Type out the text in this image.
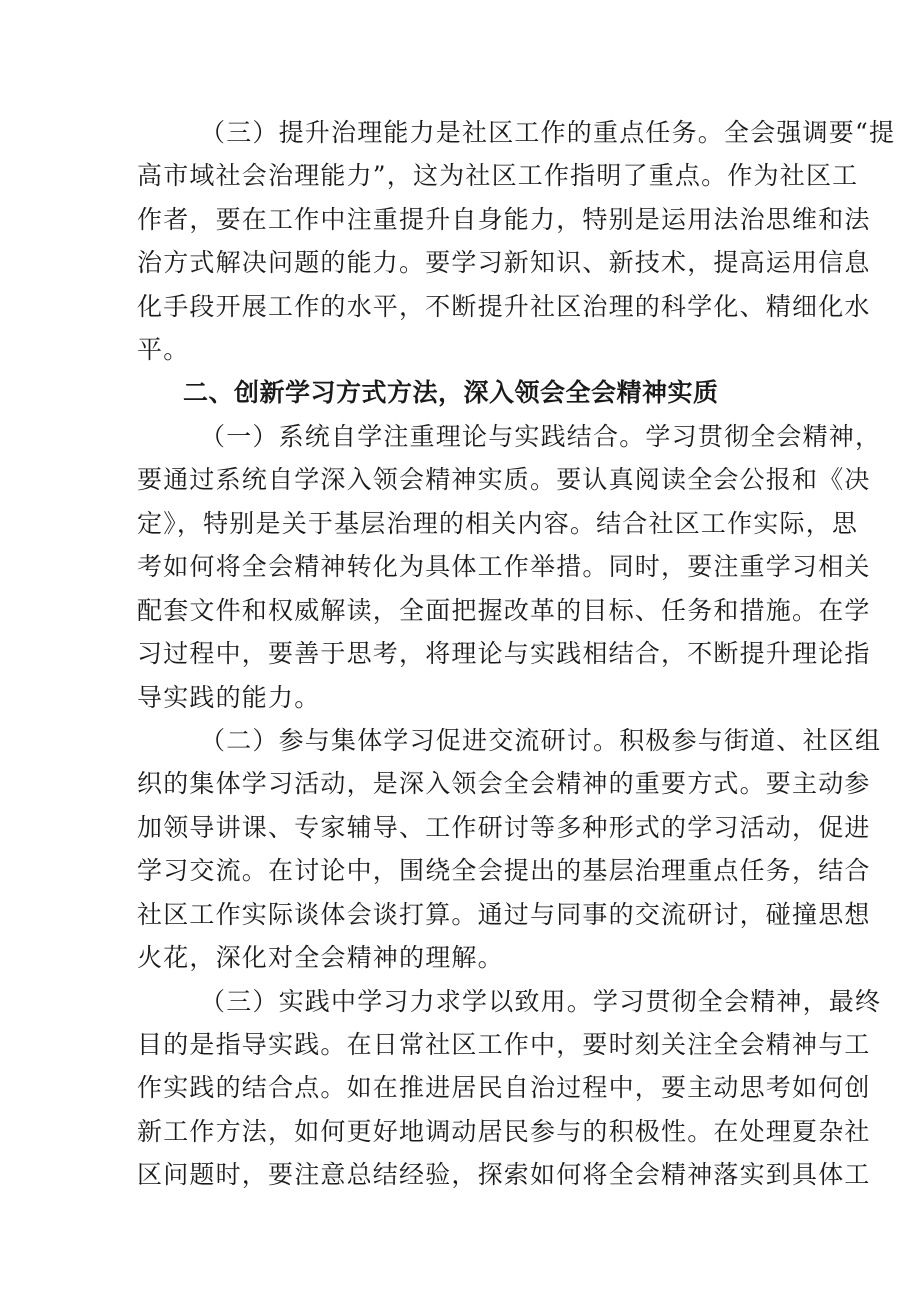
（三）提升治理能力是社区工作的重点任务。全会强调要“提
高市域社会治理能力”，这为社区工作指明了重点。作为社区工
作者，要在工作中注重提升自身能力，特别是运用法治思维和法
治方式解决问题的能力。要学习新知识、新技术，提高运用信息
化手段开展工作的水平，不断提升社区治理的科学化、精细化水
平。
二、创新学习方式方法，深入领会全会精神实质
（一）系统自学注重理论与实践结合。学习贯彻全会精神，
要通过系统自学深入领会精神实质。要认真阅读全会公报和《决
定》，特别是关于基层治理的相关内容。结合社区工作实际，思
考如何将全会精神转化为具体工作举措。同时，要注重学习相关
配套文件和权威解读，全面把握改革的目标、任务和措施。在学
习过程中，要善于思考，将理论与实践相结合，不断提升理论指
导实践的能力。
（二）参与集体学习促进交流研讨。积极参与街道、社区组
织的集体学习活动，是深入领会全会精神的重要方式。要主动参
加领导讲课、专家辅导、工作研讨等多种形式的学习活动，促进
学习交流。在讨论中，围绕全会提出的基层治理重点任务，结合
社区工作实际谈体会谈打算。通过与同事的交流研讨，碰撞思想
火花，深化对全会精神的理解。
（三）实践中学习力求学以致用。学习贯彻全会精神，最终
目的是指导实践。在日常社区工作中，要时刻关注全会精神与工
作实践的结合点。如在推进居民自治过程中，要主动思考如何创
新工作方法，如何更好地调动居民参与的积极性。在处理夏杂社
区问题时，要注意总结经验，探索如何将全会精神落实到具体工
